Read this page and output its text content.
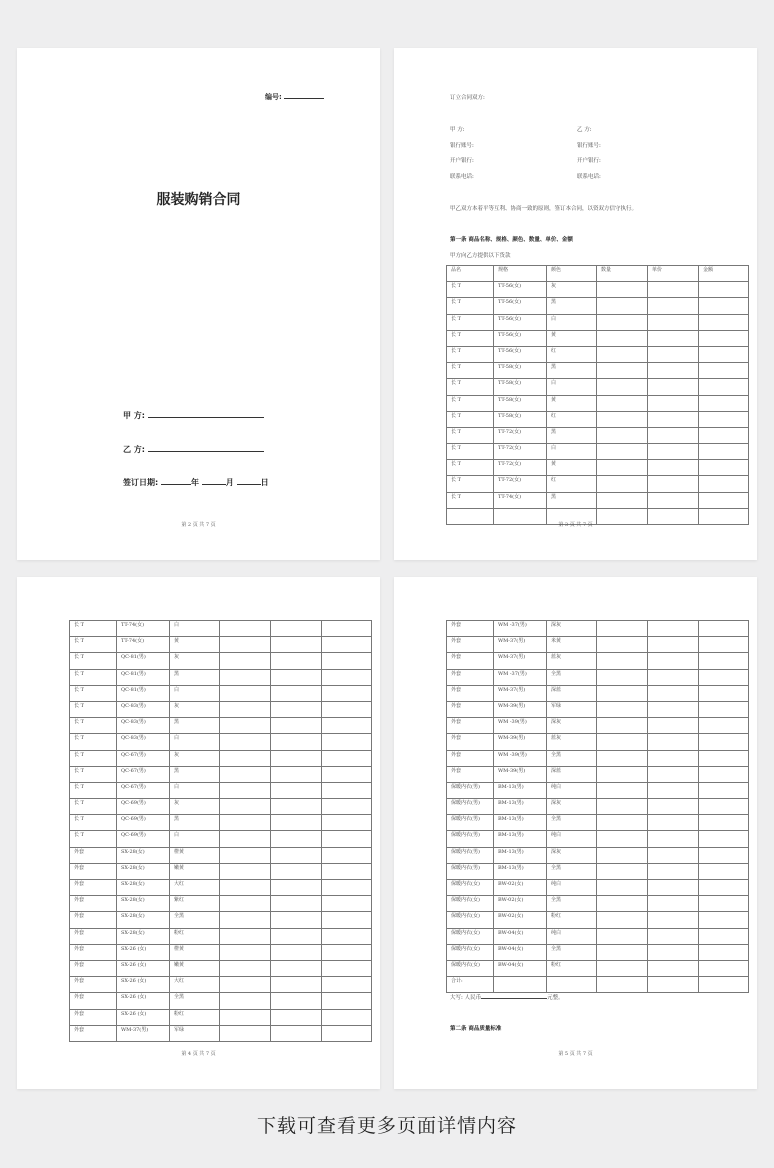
编号:
服装购销合同
甲 方:
乙 方:
签订日期:	年	月	日
第 2 页 共 7 页
订立合同双方:
甲 方:	乙 方:
银行账号:	银行账号:
开户银行:	开户银行:
联系电话:	联系电话:
甲乙双方本着平等互利、协商一致的原则，签订本合同，以资双方信守执行。
第一条 商品名称、规格、颜色、数量、单价、金额
甲方向乙方提供以下货款
品名	规格	颜色	数量	单价	金额
长 T	TT-56(女)	灰			
长 T	TT-56(女)	黑			
长 T	TT-56(女)	白			
长 T	TT-56(女)	黄			
长 T	TT-56(女)	红			
长 T	TT-58(女)	黑			
长 T	TT-58(女)	白			
长 T	TT-58(女)	黄			
长 T	TT-58(女)	红			
长 T	TT-72(女)	黑			
长 T	TT-72(女)	白			
长 T	TT-72(女)	黄			
长 T	TT-72(女)	红			
长 T	TT-74(女)	黑			

第 3 页 共 7 页
长 T	TT-74(女)	白			
长 T	TT-74(女)	黄			
长 T	QC-81(男)	灰			
长 T	QC-81(男)	黑			
长 T	QC-81(男)	白			
长 T	QC-83(男)	灰			
长 T	QC-83(男)	黑			
长 T	QC-83(男)	白			
长 T	QC-67(男)	灰			
长 T	QC-67(男)	黑			
长 T	QC-67(男)	白			
长 T	QC-69(男)	灰			
长 T	QC-69(男)	黑			
长 T	QC-69(男)	白			
外套	SX-28(女)	橙黄			
外套	SX-28(女)	嫩黄			
外套	SX-28(女)	大红			
外套	SX-28(女)	紫红			
外套	SX-28(女)	全黑			
外套	SX-28(女)	粉红			
外套	SX-26 (女)	橙黄			
外套	SX-26 (女)	嫩黄			
外套	SX-26 (女)	大红			
外套	SX-26 (女)	全黑			
外套	SX-26 (女)	粉红			
外套	WM-37(男)	军绿			
第 4 页 共 7 页
外套	WM -37(男)	深灰			
外套	WM-37(男)	米黄			
外套	WM-37(男)	蓝灰			
外套	WM -37(男)	全黑			
外套	WM-37(男)	深蓝			
外套	WM-39(男)	军绿			
外套	WM -39(男)	深灰			
外套	WM-39(男)	蓝灰			
外套	WM -39(男)	全黑			
外套	WM-39(男)	深蓝			
保暖内衣(男)	BM-13(男)	纯白			
保暖内衣(男)	BM-13(男)	深灰			
保暖内衣(男)	BM-13(男)	全黑			
保暖内衣(男)	BM-13(男)	纯白			
保暖内衣(男)	BM-13(男)	深灰			
保暖内衣(男)	BM-13(男)	全黑			
保暖内衣(女)	BW-02(女)	纯白			
保暖内衣(女)	BW-02(女)	全黑			
保暖内衣(女)	BW-02(女)	粉红			
保暖内衣(女)	BW-04(女)	纯白			
保暖内衣(女)	BW-04(女)	全黑			
保暖内衣(女)	BW-04(女)	粉红			
合计:					
大写: 人民币	元整。
第二条 商品质量标准
第 5 页 共 7 页
下载可查看更多页面详情内容
